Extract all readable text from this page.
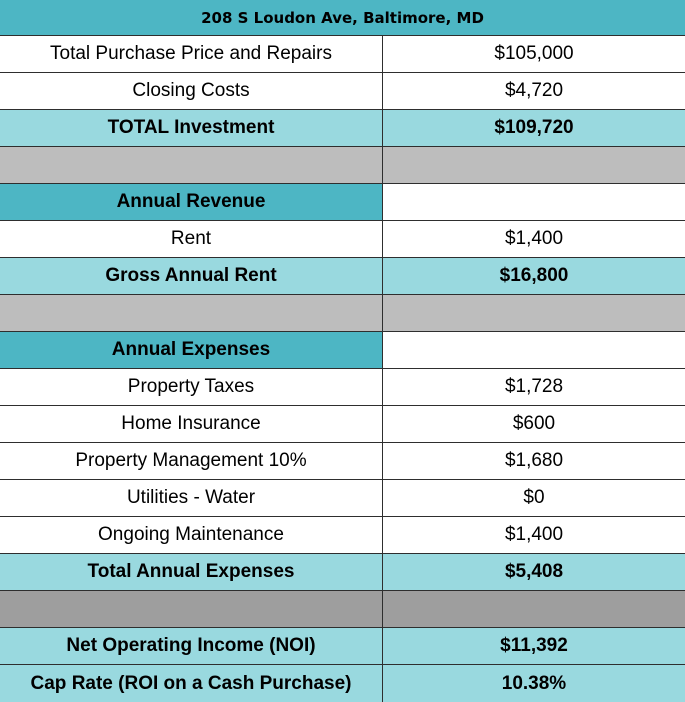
208 S Loudon Ave, Baltimore, MD
Total Purchase Price and Repairs	$105,000
Closing Costs	$4,720
TOTAL Investment	$109,720
Annual Revenue
Rent	$1,400
Gross Annual Rent	$16,800
Annual Expenses
Property Taxes	$1,728
Home Insurance	$600
Property Management 10%	$1,680
Utilities - Water	$0
Ongoing Maintenance	$1,400
Total Annual Expenses	$5,408
Net Operating Income (NOI)	$11,392
Cap Rate (ROI on a Cash Purchase)	10.38%
